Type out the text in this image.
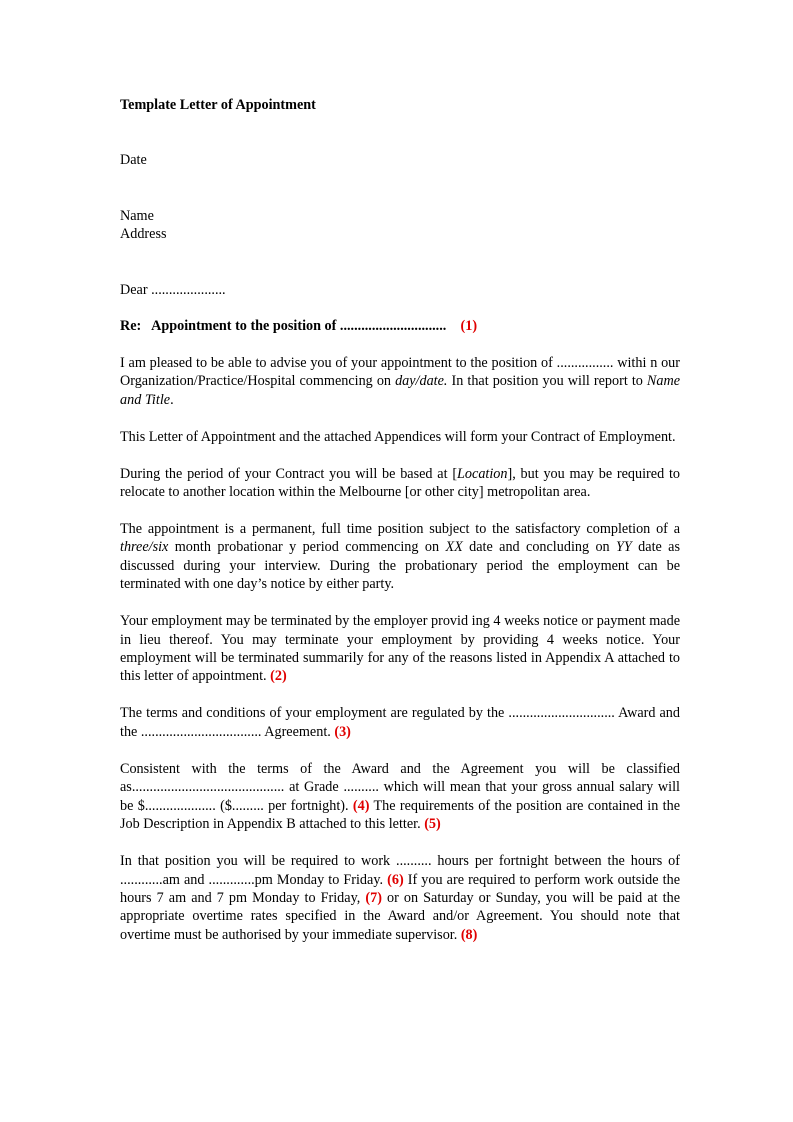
Template Letter of Appointment

Date

Name
Address

Dear .....................

Re:   Appointment to the position of .............................. (1)

I am pleased to be able to advise you of your appointment to the position of ................ withi n our Organization/Practice/Hospital commencing on day/date. In that position you will report to Name and Title.

This Letter of Appointment and the attached Appendices will form your Contract of Employment.

During the period of your Contract you will be based at [Location], but you may be required to relocate to another location within the Melbourne [or other city] metropolitan area.

The appointment is a permanent, full time position subject to the satisfactory completion of a three/six month probationar y period commencing on XX date and concluding on YY date as discussed during your interview. During the probationary period the employment can be terminated with one day’s notice by either party.

Your employment may be terminated by the employer provid ing 4 weeks notice or payment made in lieu thereof. You may terminate your employment by providing 4 weeks notice. Your employment will be terminated summarily for any of the reasons listed in Appendix A attached to this letter of appointment. (2)

The terms and conditions of your employment are regulated by the .............................. Award and the .................................. Agreement. (3)

Consistent with the terms of the Award and the Agreement you will be classified as........................................... at Grade .......... which will mean that your gross annual salary will be $.................... ($......... per fortnight). (4) The requirements of the position are contained in the Job Description in Appendix B attached to this letter. (5)

In that position you will be required to work .......... hours per fortnight between the hours of ............am and .............pm Monday to Friday. (6) If you are required to perform work outside the hours 7 am and 7 pm Monday to Friday, (7) or on Saturday or Sunday, you will be paid at the appropriate overtime rates specified in the Award and/or Agreement. You should note that overtime must be authorised by your immediate supervisor. (8)
